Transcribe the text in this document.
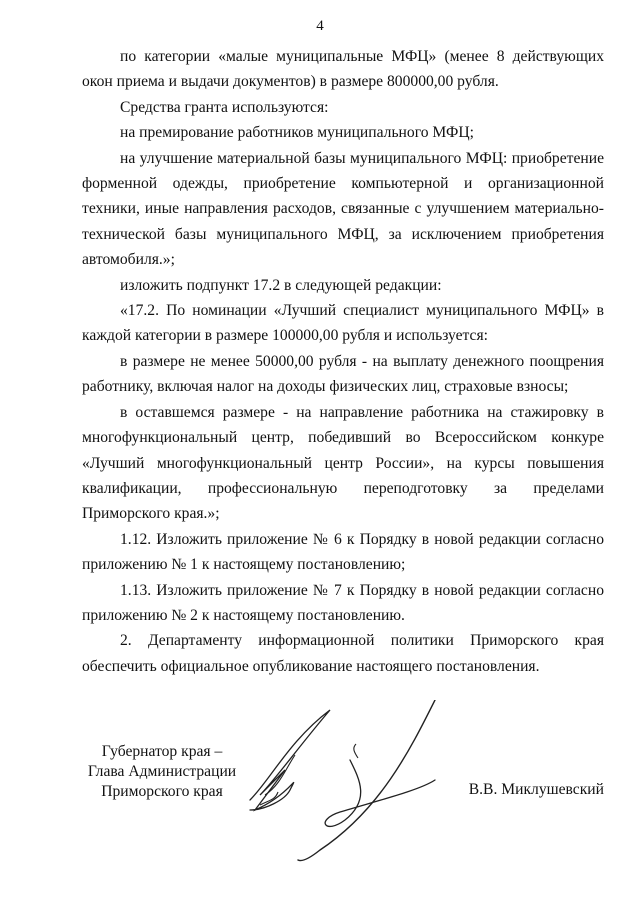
4

по категории «малые муниципальные МФЦ» (менее 8 действующих окон приема и выдачи документов) в размере 800000,00 рубля.

Средства гранта используются:

на премирование работников муниципального МФЦ;

на улучшение материальной базы муниципального МФЦ: приобретение форменной одежды, приобретение компьютерной и организационной техники, иные направления расходов, связанные с улучшением материально-технической базы муниципального МФЦ, за исключением приобретения автомобиля.»;

изложить подпункт 17.2 в следующей редакции:

«17.2. По номинации «Лучший специалист муниципального МФЦ» в каждой категории в размере 100000,00 рубля и используется:

в размере не менее 50000,00 рубля - на выплату денежного поощрения работнику, включая налог на доходы физических лиц, страховые взносы;

в оставшемся размере - на направление работника на стажировку в многофункциональный центр, победивший во Всероссийском конкуре «Лучший многофункциональный центр России», на курсы повышения квалификации, профессиональную переподготовку за пределами Приморского края.»;

1.12. Изложить приложение № 6 к Порядку в новой редакции согласно приложению № 1 к настоящему постановлению;

1.13. Изложить приложение № 7 к Порядку в новой редакции согласно приложению № 2 к настоящему постановлению.

2. Департаменту информационной политики Приморского края обеспечить официальное опубликование настоящего постановления.

Губернатор края –
Глава Администрации
Приморского края	В.В. Миклушевский
